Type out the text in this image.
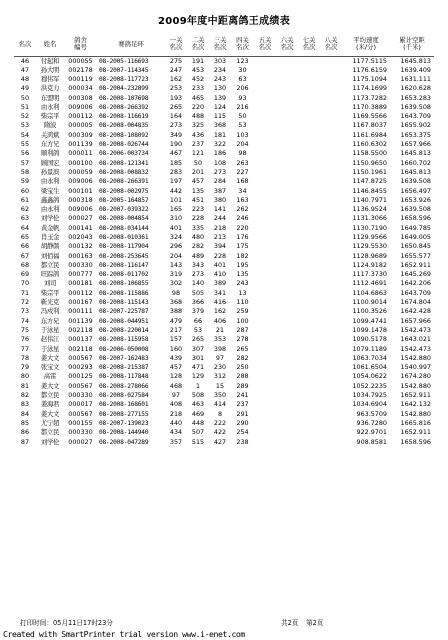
2009年度中距离鸽王成绩表
名次	姓名	鸽舍
编号	赛鸽足环	一关
名次	二关
名次	三关
名次	四关
名次	五关
名次	六关
名次	七关
名次	八关
名次	平均速度
(米/分)	累计空距
(千米)

46	付起和	000055	08-2005-116693	275	191	303	123					1177.5115	1645.813
47	孙大明	002178	08-2007-114345	247	453	234	30					1176.6159	1639.409
48	穆伟军	000119	08-2008-117723	162	452	243	63					1175.1094	1631.111
49	洪克力	000034	08-2004-232899	253	233	130	206					1174.1699	1620.628
50	东盟明	000308	08-2008-107698	193	465	139	93					1173.7282	1653.283
51	由永利	009006	08-2008-266392	265	220	124	216					1170.3889	1639.508
52	柴宗平	000112	08-2008-116619	164	488	115	50					1169.5566	1643.709
53	隋波	000005	08-2008-004835	273	325	368	53					1167.8037	1655.902
54	关鸿斌	000309	08-2008-108092	349	436	181	103					1161.6984	1653.375
55	东方兄	001139	08-2008-026744	190	237	322	204					1160.6302	1657.966
56	顺利鸽	000011	08-2006-003734	467	121	186	98					1158.5500	1645.813
57	顾国宏	000100	08-2008-121341	185	50	108	263					1150.9650	1660.702
58	孙景滨	000059	08-2008-008832	283	201	273	227					1150.1961	1645.813
59	由永利	009006	08-2008-266391	197	457	284	168					1147.8725	1639.508
60	梁宝生	000101	08-2008-002975	442	135	387	34					1146.8455	1656.497
61	鑫鑫鸽	000318	08-2005-164857	101	451	380	163					1140.7971	1653.926
62	由永利	009006	08-2007-039322	165	223	141	262					1136.9524	1639.508
63	刘学伦	000027	08-2008-004854	310	228	244	246					1131.3066	1658.596
64	黄金帆	000141	08-2008-034144	401	335	218	220					1130.7190	1649.785
65	肖玉金	002043	08-2008-010361	324	480	213	176					1129.9566	1649.005
66	胡静颜	000132	08-2008-117904	296	282	394	175					1129.5530	1650.845
67	刘佰福	000163	08-2008-253645	204	489	228	182					1128.9689	1655.577
68	都立民	000330	08-2008-116147	143	343	401	195					1124.9182	1652.911
69	旺踪鸽	000777	08-2008-011702	319	273	410	135					1117.3730	1645.269
70	刘司	000181	08-2008-106855	302	140	389	243					1112.4691	1642.206
71	柴宗平	000112	08-2008-115886	98	505	341	13					1104.6863	1643.709
72	靳光克	000167	08-2008-115143	368	366	416	110					1100.9014	1674.804
73	冯戍利	000111	08-2007-225787	388	379	162	259					1100.3526	1642.428
74	东方兄	001139	08-2008-044951	479	66	406	100					1099.4741	1657.966
75	于泳星	002118	08-2008-220014	217	53	21	287					1099.1478	1542.473
76	赵伟江	000137	08-2008-115958	157	265	353	278					1090.5178	1643.021
77	于泳星	002118	08-2006-050008	160	307	398	265					1079.1189	1542.473
78	姜大文	000567	08-2007-162483	439	301	97	282					1063.7034	1542.880
79	张宝文	000293	08-2008-215387	457	471	230	250					1061.6504	1540.997
80	高雷	000125	08-2008-117848	128	129	312	288					1054.0622	1674.280
81	姜大文	000567	08-2008-278066	468	1	15	289					1052.2235	1542.880
82	都立民	000330	08-2008-027584	97	508	350	241					1034.7925	1652.911
83	姜海君	000017	08-2008-168601	408	463	414	237					1034.6904	1642.132
84	姜大文	000567	08-2008-277155	218	469	8	291					963.5709	1542.880
85	尤宁超	000155	08-2007-139023	440	448	222	290					936.7280	1665.816
86	都立民	000330	08-2008-144940	434	507	422	254					922.9701	1652.911
87	刘学伦	000027	08-2008-047289	357	515	427	238					908.8581	1658.596
打印时间：05月11日17时23分	共2页 第2页
Created with SmartPrinter trial version www.i-enet.com
